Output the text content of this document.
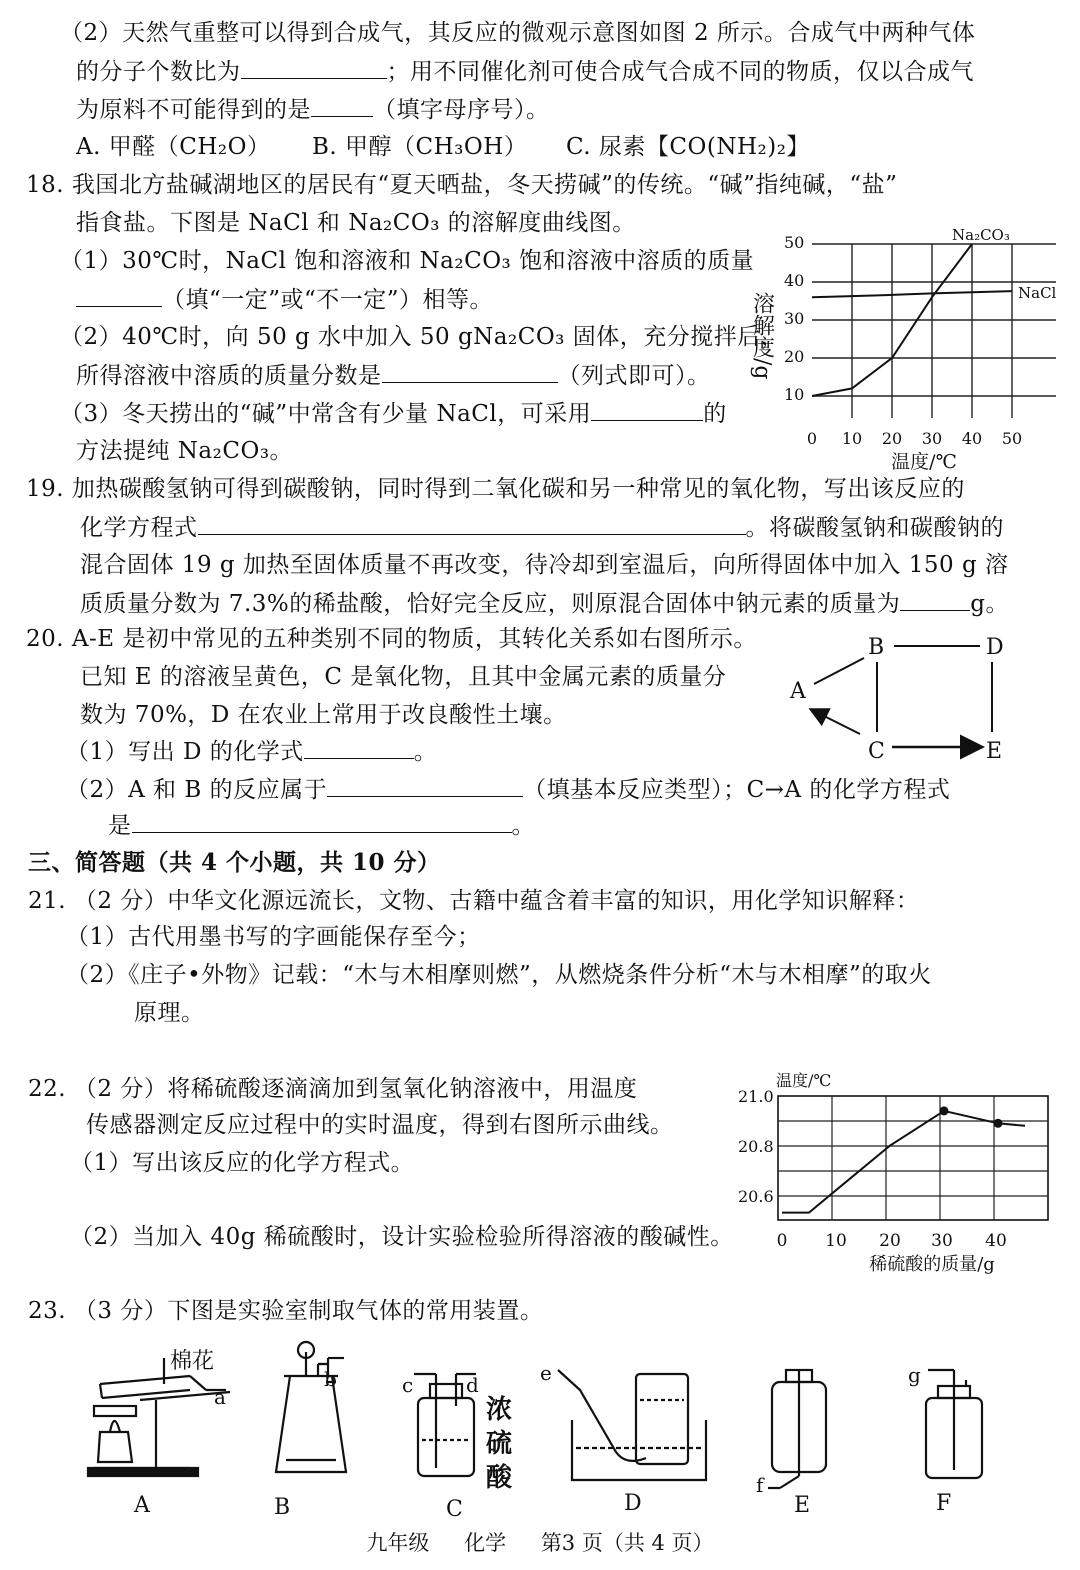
（2）天然气重整可以得到合成气，其反应的微观示意图如图 2 所示。合成气中两种气体
的分子个数比为	；用不同催化剂可使合成气合成不同的物质，仅以合成气
为原料不可能得到的是	（填字母序号）。
A. 甲醛（CH₂O） B. 甲醇（CH₃OH） C. 尿素【CO(NH₂)₂】
18. 我国北方盐碱湖地区的居民有“夏天晒盐，冬天捞碱”的传统。“碱”指纯碱，“盐”
指食盐。下图是 NaCl 和 Na₂CO₃ 的溶解度曲线图。
（1）30℃时，NaCl 饱和溶液和 Na₂CO₃ 饱和溶液中溶质的质量
（填“一定”或“不一定”）相等。
（2）40℃时，向 50 g 水中加入 50 gNa₂CO₃ 固体，充分搅拌后，
所得溶液中溶质的质量分数是	（列式即可）。
（3）冬天捞出的“碱”中常含有少量 NaCl，可采用	的
方法提纯 Na₂CO₃。
50
40
30
20
10
0 10 20 30 40 50
溶解度/g
温度/℃
Na₂CO₃
NaCl
19. 加热碳酸氢钠可得到碳酸钠，同时得到二氧化碳和另一种常见的氧化物，写出该反应的
化学方程式	。将碳酸氢钠和碳酸钠的
混合固体 19 g 加热至固体质量不再改变，待冷却到室温后，向所得固体中加入 150 g 溶
质质量分数为 7.3%的稀盐酸，恰好完全反应，则原混合固体中钠元素的质量为	g。
20. A-E 是初中常见的五种类别不同的物质，其转化关系如右图所示。
已知 E 的溶液呈黄色，C 是氧化物，且其中金属元素的质量分
数为 70%，D 在农业上常用于改良酸性土壤。
（1）写出 D 的化学式	。
（2）A 和 B 的反应属于	（填基本反应类型）；C→A 的化学方程式
是	。
A
B
C
D
E
三、简答题（共 4 个小题，共 10 分）
21. （2 分）中华文化源远流长，文物、古籍中蕴含着丰富的知识，用化学知识解释：
（1）古代用墨书写的字画能保存至今；
（2）《庄子•外物》记载：“木与木相摩则燃”，从燃烧条件分析“木与木相摩”的取火
原理。
22. （2 分）将稀硫酸逐滴滴加到氢氧化钠溶液中，用温度
传感器测定反应过程中的实时温度，得到右图所示曲线。
（1）写出该反应的化学方程式。
（2）当加入 40g 稀硫酸时，设计实验检验所得溶液的酸碱性。
21.0
20.8
20.6
0 10 20 30 40
温度/℃
稀硫酸的质量/g
23. （3 分）下图是实验室制取气体的常用装置。
棉花
a
b	c	d	e
f
g
浓
硫
酸
A	B	C	D	E	F
九年级 化学 第3 页（共 4 页）
